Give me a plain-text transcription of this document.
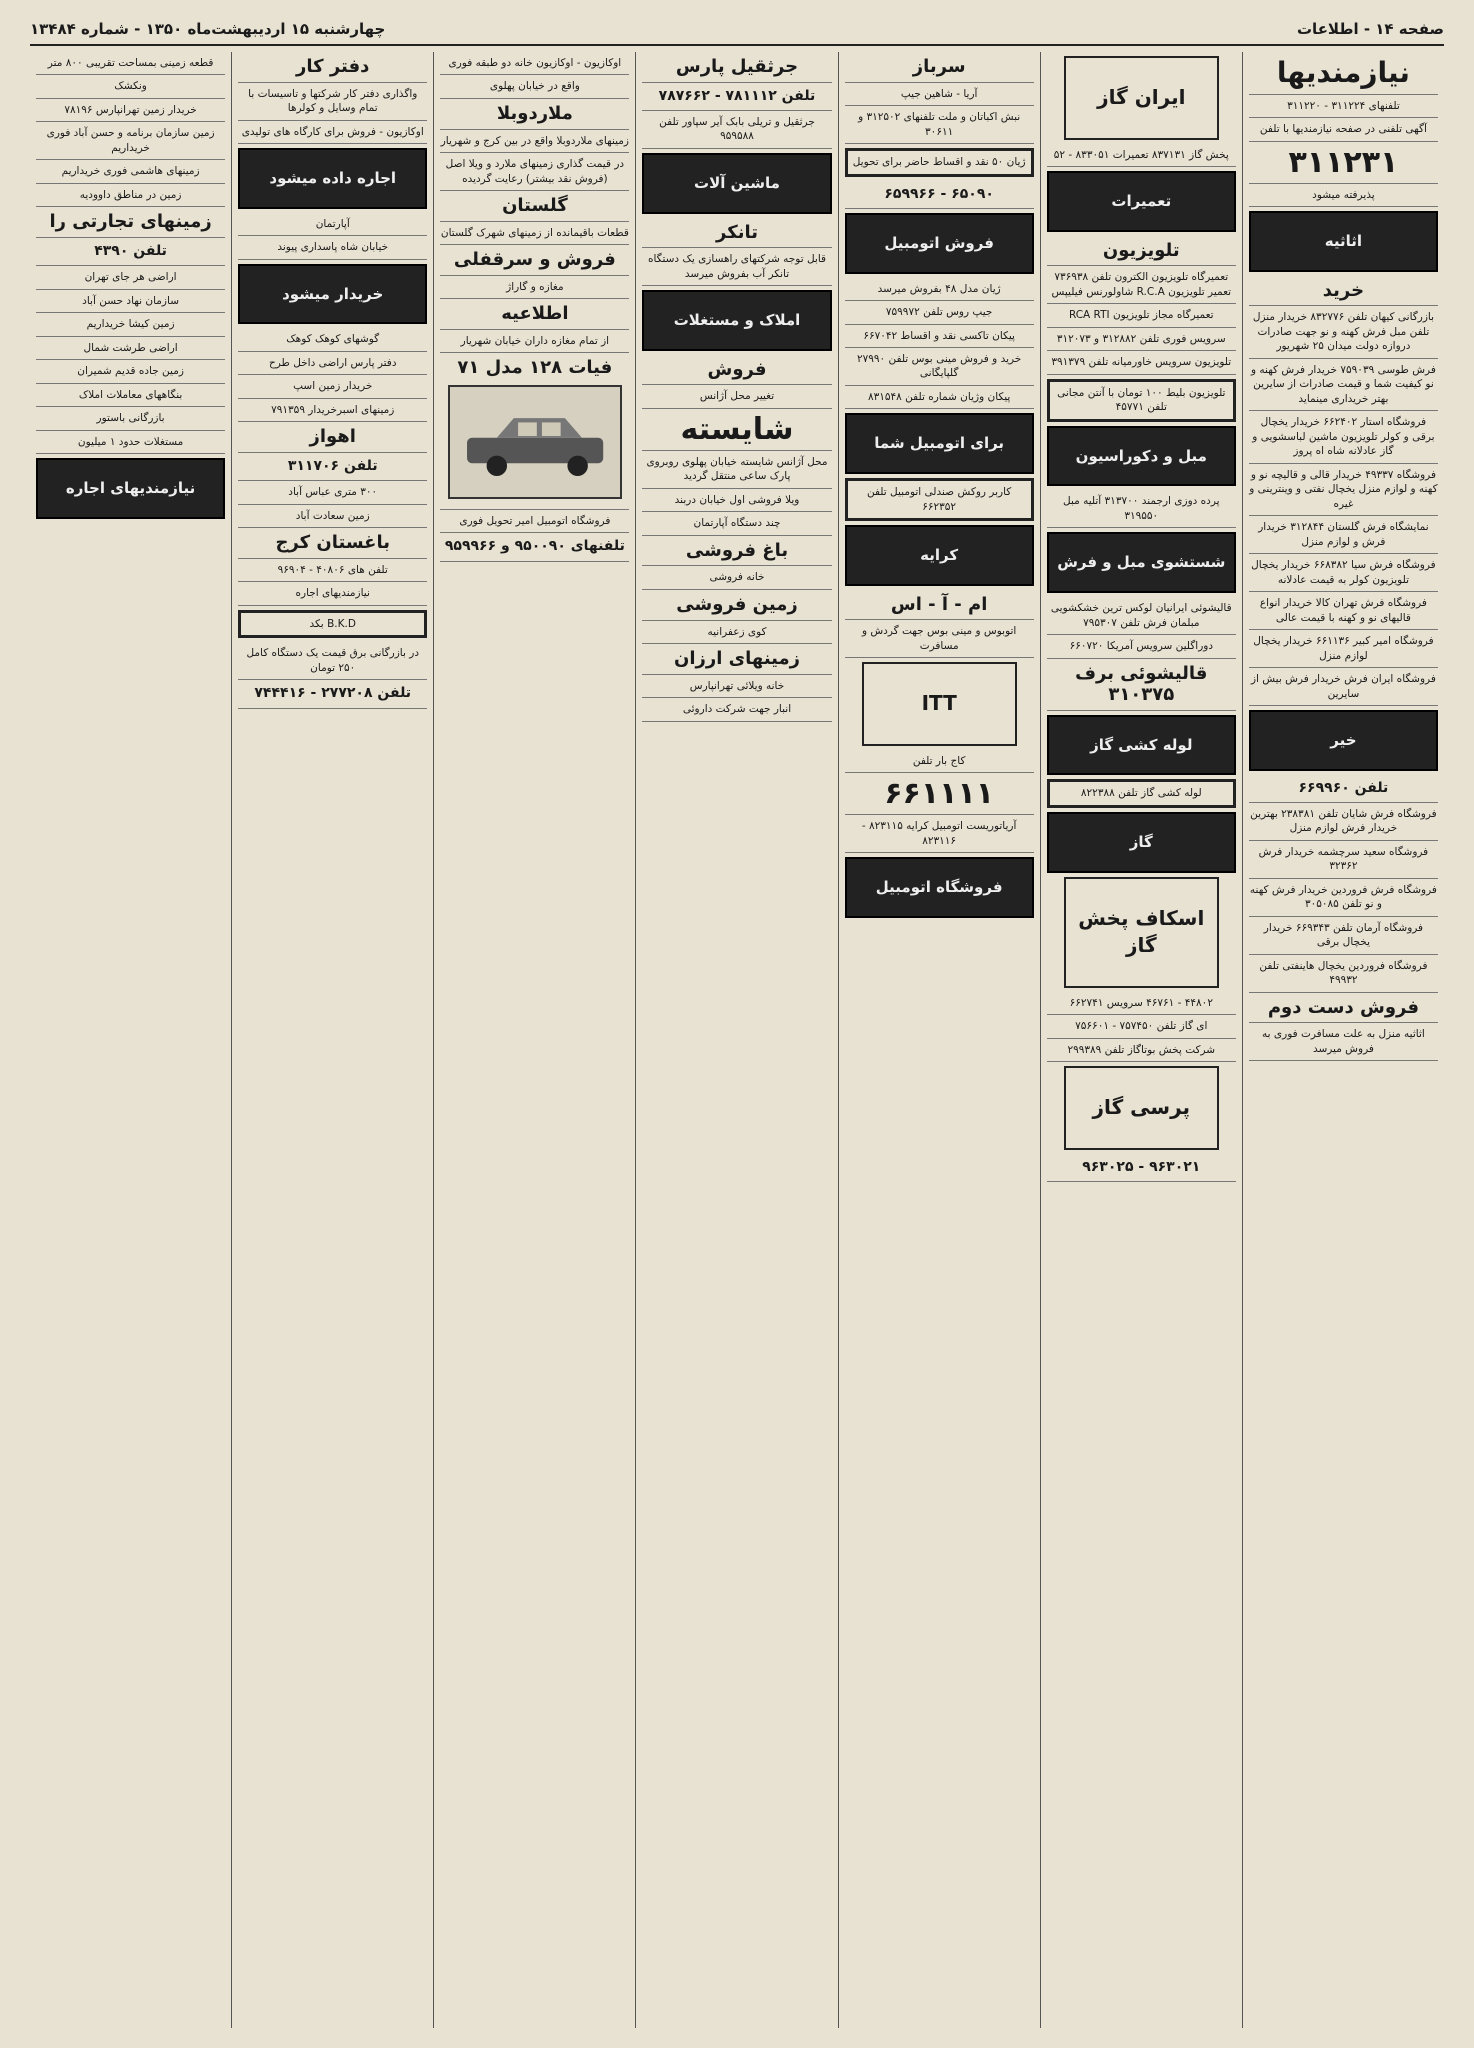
صفحه ۱۴ - اطلاعات
چهارشنبه ۱۵ اردیبهشت‌ماه ۱۳۵۰ - شماره ۱۳۴۸۴

نیازمندیها

تلفنهای ۳۱۱۲۲۴ - ۳۱۱۲۲۰

آگهی تلفنی در صفحه نیازمندیها با تلفن

۳۱۱۲۳۱

پذیرفته میشود

اثاثیه

خرید

بازرگانی کیهان تلفن ۸۳۲۷۷۶ خریدار منزل تلفن مبل فرش کهنه و نو جهت صادرات دروازه دولت میدان ۲۵ شهریور

فرش طوسی ۷۵۹۰۳۹ خریدار فرش کهنه و نو کیفیت شما و قیمت صادرات از سایرین بهتر خریداری مینماید

فروشگاه استار ۶۶۲۴۰۲ خریدار یخچال برقی و کولر تلویزیون ماشین لباسشویی و گاز عادلانه شاه اه پروز

فروشگاه ۴۹۳۳۷ خریدار قالی و قالیچه نو و کهنه و لوازم منزل یخچال نفتی و وینترینی و غیره

نمایشگاه فرش گلستان ۳۱۲۸۴۴ خریدار فرش و لوازم منزل

فروشگاه فرش سیا ۶۶۸۳۸۲ خریدار یخچال تلویزیون کولر به قیمت عادلانه

فروشگاه فرش تهران کالا خریدار انواع قالیهای نو و کهنه با قیمت عالی

فروشگاه امیر کبیر ۶۶۱۱۳۶ خریدار یخچال لوازم منزل

فروشگاه ایران فرش خریدار فرش بیش از سایرین

خیر

تلفن ۶۶۹۹۶۰

فروشگاه فرش شایان تلفن ۲۳۸۳۸۱ بهترین خریدار فرش لوازم منزل

فروشگاه سعید سرچشمه خریدار فرش ۳۲۳۶۲

فروشگاه فرش فروردین خریدار فرش کهنه و نو تلفن ۳۰۵۰۸۵

فروشگاه آرمان تلفن ۶۶۹۳۴۳ خریدار یخچال برقی

فروشگاه فروردین یخچال هاینفتی تلفن ۴۹۹۳۲

فروش دست دوم

اثاثیه منزل به علت مسافرت فوری به فروش میرسد

ایران گاز

پخش گاز ۸۳۷۱۳۱ تعمیرات ۸۳۳۰۵۱ - ۵۲

تعمیرات

تلویزیون

تعمیرگاه تلویزیون الکترون تلفن ۷۳۶۹۳۸ تعمیر تلویزیون R.C.A شاولورنس فیلیپس

تعمیرگاه مجاز تلویزیون RCA RTI

سرویس فوری تلفن ۳۱۲۸۸۲ و ۳۱۲۰۷۳

تلویزیون سرویس خاورمیانه تلفن ۳۹۱۳۷۹

تلویزیون بلیط ۱۰۰ تومان با آنتن مجانی تلفن ۴۵۷۷۱

مبل و دکوراسیون

پرده دوزی ارجمند ۳۱۳۷۰۰ آتلیه مبل ۳۱۹۵۵۰

شستشوی مبل و فرش

قالیشوئی ایرانیان لوکس ترین خشکشویی مبلمان فرش تلفن ۷۹۵۳۰۷

دوراگلین سرویس آمریکا ۶۶۰۷۲۰

قالیشوئی برف ۳۱۰۳۷۵

لوله کشی گاز

لوله کشی گاز تلفن ۸۲۲۳۸۸

گاز

اسکاف پخش گاز

۴۴۸۰۲ - ۴۶۷۶۱ سرویس ۶۶۲۷۴۱

ای گاز تلفن ۷۵۷۴۵۰ - ۷۵۶۶۰۱

شرکت پخش بوتاگاز تلفن ۲۹۹۳۸۹

پرسی گاز

۹۶۳۰۲۱ - ۹۶۳۰۲۵

سرباز

آریا - شاهین جیپ

نبش اکباتان و ملت تلفنهای ۳۱۲۵۰۲ و ۳۰۶۱۱

ژیان ۵۰ نقد و اقساط حاضر برای تحویل

۶۵۰۹۰ - ۶۵۹۹۶۶

فروش اتومبیل

ژیان مدل ۴۸ بفروش میرسد

جیپ روس تلفن ۷۵۹۹۷۲

پیکان تاکسی نقد و اقساط ۶۶۷۰۴۲

خرید و فروش مینی بوس تلفن ۲۷۹۹۰ گلپایگانی

پیکان وژیان شماره تلفن ۸۳۱۵۴۸

برای اتومبیل شما

کاربر روکش صندلی اتومبیل تلفن ۶۶۲۳۵۲

کرایه

ام - آ - اس

اتوبوس و مینی بوس جهت گردش و مسافرت

ITT

کاج بار تلفن

۶۶۱۱۱۱

آریاتوریست اتومبیل کرایه ۸۲۳۱۱۵ - ۸۲۳۱۱۶

فروشگاه اتومبیل

جرثقیل پارس

تلفن ۷۸۱۱۱۲ - ۷۸۷۶۶۲

جرثقیل و تریلی بابک آیر سپاور تلفن ۹۵۹۵۸۸

ماشین آلات

تانکر

قابل توجه شرکتهای راهسازی یک دستگاه تانکر آب بفروش میرسد

املاک و مستغلات

فروش

تغییر محل آژانس

شایسته

محل آژانس شایسته خیابان پهلوی روبروی پارک ساعی منتقل گردید

ویلا فروشی اول خیابان دربند

چند دستگاه آپارتمان

باغ فروشی

خانه فروشی

زمین فروشی

کوی زعفرانیه

زمینهای ارزان

خانه ویلائی تهرانپارس

انبار جهت شرکت داروئی

اوکازیون - اوکازیون خانه دو طبقه فوری

واقع در خیابان پهلوی

ملاردوبلا

زمینهای ملاردوبلا واقع در بین کرج و شهریار

در قیمت گذاری زمینهای ملارد و ویلا اصل (فروش نقد بیشتر) رعایت گردیده

گلستان

قطعات باقیمانده از زمینهای شهرک گلستان

فروش و سرقفلی

مغازه و گاراژ

اطلاعیه

از تمام مغازه داران خیابان شهریار

فیات ۱۲۸ مدل ۷۱

فروشگاه اتومبیل امیر تحویل فوری

تلفنهای ۹۵۰۰۹۰ و ۹۵۹۹۶۶

دفتر کار

واگذاری دفتر کار شرکتها و تاسیسات با تمام وسایل و کولرها

اوکازیون - فروش برای کارگاه های تولیدی

اجاره داده میشود

آپارتمان

خیابان شاه پاسداری پیوند

خریدار میشود

گوشهای کوهک کوهک

دفتر پارس اراضی داخل طرح

خریدار زمین اسپ

زمینهای اسبرخریدار ۷۹۱۳۵۹

اهواز

تلفن ۳۱۱۷۰۶

۳۰۰ متری عباس آباد

زمین سعادت آباد

باغستان کرج

تلفن های ۴۰۸۰۶ - ۹۶۹۰۴

نیازمندیهای اجاره

B.K.D بکد

در بازرگانی برق قیمت یک دستگاه کامل ۲۵۰ تومان

تلفن ۲۷۷۲۰۸ - ۷۴۴۴۱۶

قطعه زمینی بمساحت تقریبی ۸۰۰ متر

ونکشک

خریدار زمین تهرانپارس ۷۸۱۹۶

زمین سازمان برنامه و حسن آباد فوری خریداریم

زمینهای هاشمی فوری خریداریم

زمین در مناطق داوودیه

زمینهای تجارتی را

تلفن ۴۳۹۰

اراضی هر جای تهران

سازمان نهاد حسن آباد

زمین کیشا خریداریم

اراضی طرشت شمال

زمین جاده قدیم شمیران

بنگاههای معاملات املاک

بازرگانی باستور

مستغلات حدود ۱ میلیون

نیازمندیهای اجاره
